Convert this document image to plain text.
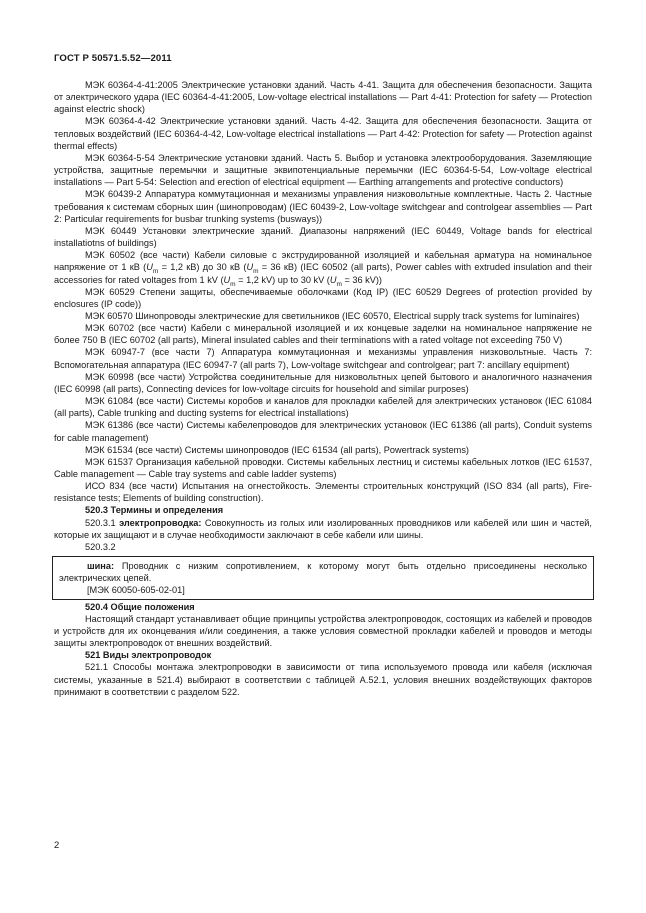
ГОСТ Р 50571.5.52—2011

МЭК 60364-4-41:2005 Электрические установки зданий. Часть 4-41. Защита для обеспечения безопасности. Защита от электрического удара (IEC 60364-4-41:2005, Low-voltage electrical installations — Part 4-41: Protection for safety — Protection against electric shock)

МЭК 60364-4-42 Электрические установки зданий. Часть 4-42. Защита для обеспечения безопасности. Защита от тепловых воздействий (IEC 60364-4-42, Low-voltage electrical installations — Part 4-42: Protection for safety — Protection against thermal effects)

МЭК 60364-5-54 Электрические установки зданий. Часть 5. Выбор и установка электрооборудования. Заземляющие устройства, защитные перемычки и защитные эквипотенциальные перемычки (IEC 60364-5-54, Low-voltage electrical installations — Part 5-54: Selection and erection of electrical equipment — Earthing arrangements and protective conductors)

МЭК 60439-2 Аппаратура коммутационная и механизмы управления низковольтные комплектные. Часть 2. Частные требования к системам сборных шин (шинопроводам) (IEC 60439-2, Low-voltage switchgear and controlgear assemblies — Part 2: Particular requirements for busbar trunking systems (busways))

МЭК 60449 Установки электрические зданий. Диапазоны напряжений (IEC 60449, Voltage bands for electrical installatiotns of buildings)

МЭК 60502 (все части) Кабели силовые с экструдированной изоляцией и кабельная арматура на номинальное напряжение от 1 кВ ($U_m = 1,2$ кВ) до 30 кВ ($U_m = 36$ кВ) (IEC 60502 (all parts), Power cables with extruded insulation and their accessories for rated voltages from 1 kV ($U_m = 1,2$ kV) up to 30 kV ($U_m = 36$ kV))

МЭК 60529 Степени защиты, обеспечиваемые оболочками (Код IP) (IEC 60529 Degrees of protection provided by enclosures (IP code))

МЭК 60570 Шинопроводы электрические для светильников (IEC 60570, Electrical supply track systems for luminaires)

МЭК 60702 (все части) Кабели с минеральной изоляцией и их концевые заделки на номинальное напряжение не более 750 В (IEC 60702 (all parts), Mineral insulated cables and their terminations with a rated voltage not exceeding 750 V)

МЭК 60947-7 (все части 7) Аппаратура коммутационная и механизмы управления низковольтные. Часть 7: Вспомогательная аппаратура (IEC 60947-7 (all parts 7), Low-voltage switchgear and controlgear; part 7: ancillary equipment)

МЭК 60998 (все части) Устройства соединительные для низковольтных цепей бытового и аналогичного назначения (IEC 60998 (all parts), Connecting devices for low-voltage circuits for household and similar purposes)

МЭК 61084 (все части) Системы коробов и каналов для прокладки кабелей для электрических установок (IEC 61084 (all parts), Cable trunking and ducting systems for electrical installations)

МЭК 61386 (все части) Системы кабелепроводов для электрических установок (IEC 61386 (all parts), Conduit systems for cable management)

МЭК 61534 (все части) Системы шинопроводов (IEC 61534 (all parts), Powertrack systems)

МЭК 61537 Организация кабельной проводки. Системы кабельных лестниц и системы кабельных лотков (IEC 61537, Cable management — Cable tray systems and cable ladder systems)

ИСО 834 (все части) Испытания на огнестойкость. Элементы строительных конструкций (ISO 834 (all parts), Fire-resistance tests; Elements of building construction).

520.3 Термины и определения

520.3.1 электропроводка: Совокупность из голых или изолированных проводников или кабелей или шин и частей, которые их защищают и в случае необходимости заключают в себе кабели или шины.

520.3.2

шина: Проводник с низким сопротивлением, к которому могут быть отдельно присоединены несколько электрических цепей.

[МЭК 60050-605-02-01]

520.4 Общие положения

Настоящий стандарт устанавливает общие принципы устройства электропроводок, состоящих из кабелей и проводов и устройств для их оконцевания и/или соединения, а также условия совместной прокладки кабелей и проводов и методы защиты электропроводок от внешних воздействий.

521 Виды электропроводок

521.1 Способы монтажа электропроводки в зависимости от типа используемого провода или кабеля (исключая системы, указанные в 521.4) выбирают в соответствии с таблицей А.52.1, условия внешних воздействующих факторов принимают в соответствии с разделом 522.

2
